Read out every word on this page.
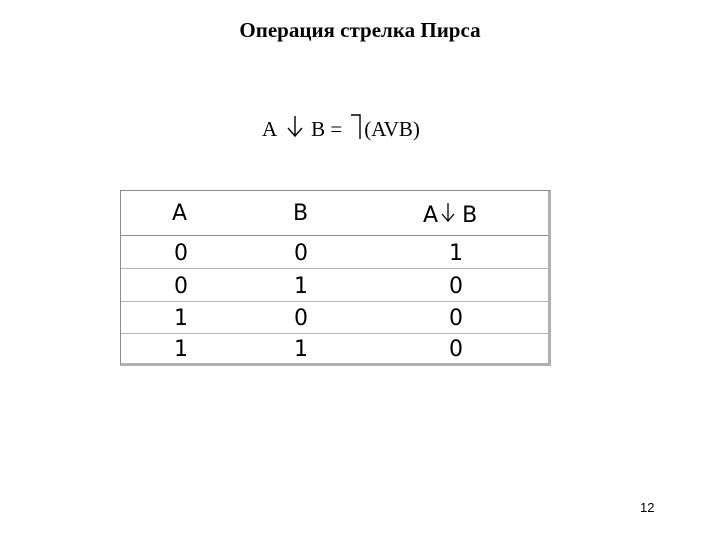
Операция стрелка Пирса
A B = (AVB)
A	B	A B
0	0	1
0	1	0
1	0	0
1	1	0
12
